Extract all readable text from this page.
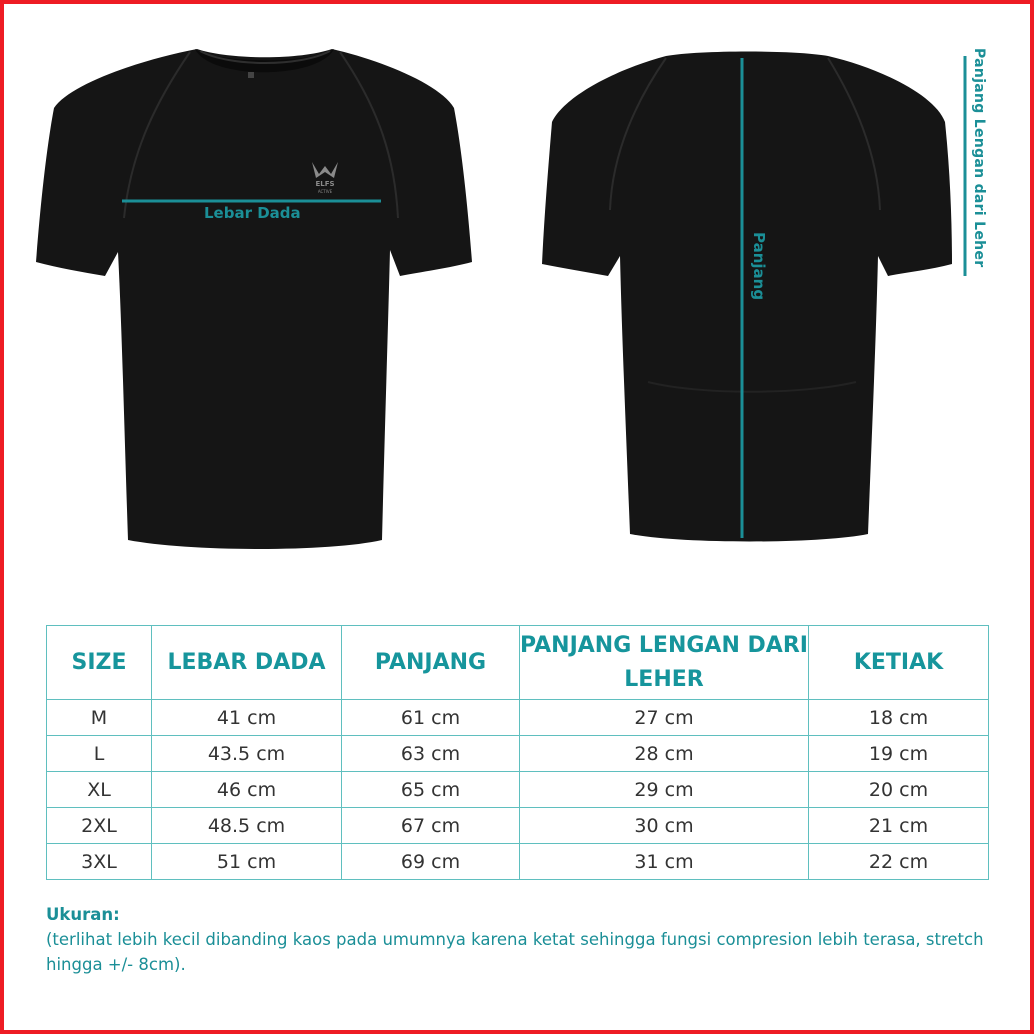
ELFS
ACTIVE
Lebar Dada
Panjang	Panjang Lengan dari Leher
SIZE	LEBAR DADA	PANJANG	PANJANG LENGAN DARI LEHER	KETIAK
M	41 cm	61 cm	27 cm	18 cm
L	43.5 cm	63 cm	28 cm	19 cm
XL	46 cm	65 cm	29 cm	20 cm
2XL	48.5 cm	67 cm	30 cm	21 cm
3XL	51 cm	69 cm	31 cm	22 cm
Ukuran:
(terlihat lebih kecil dibanding kaos pada umumnya karena ketat sehingga fungsi compresion lebih terasa, stretch hingga +/- 8cm).
